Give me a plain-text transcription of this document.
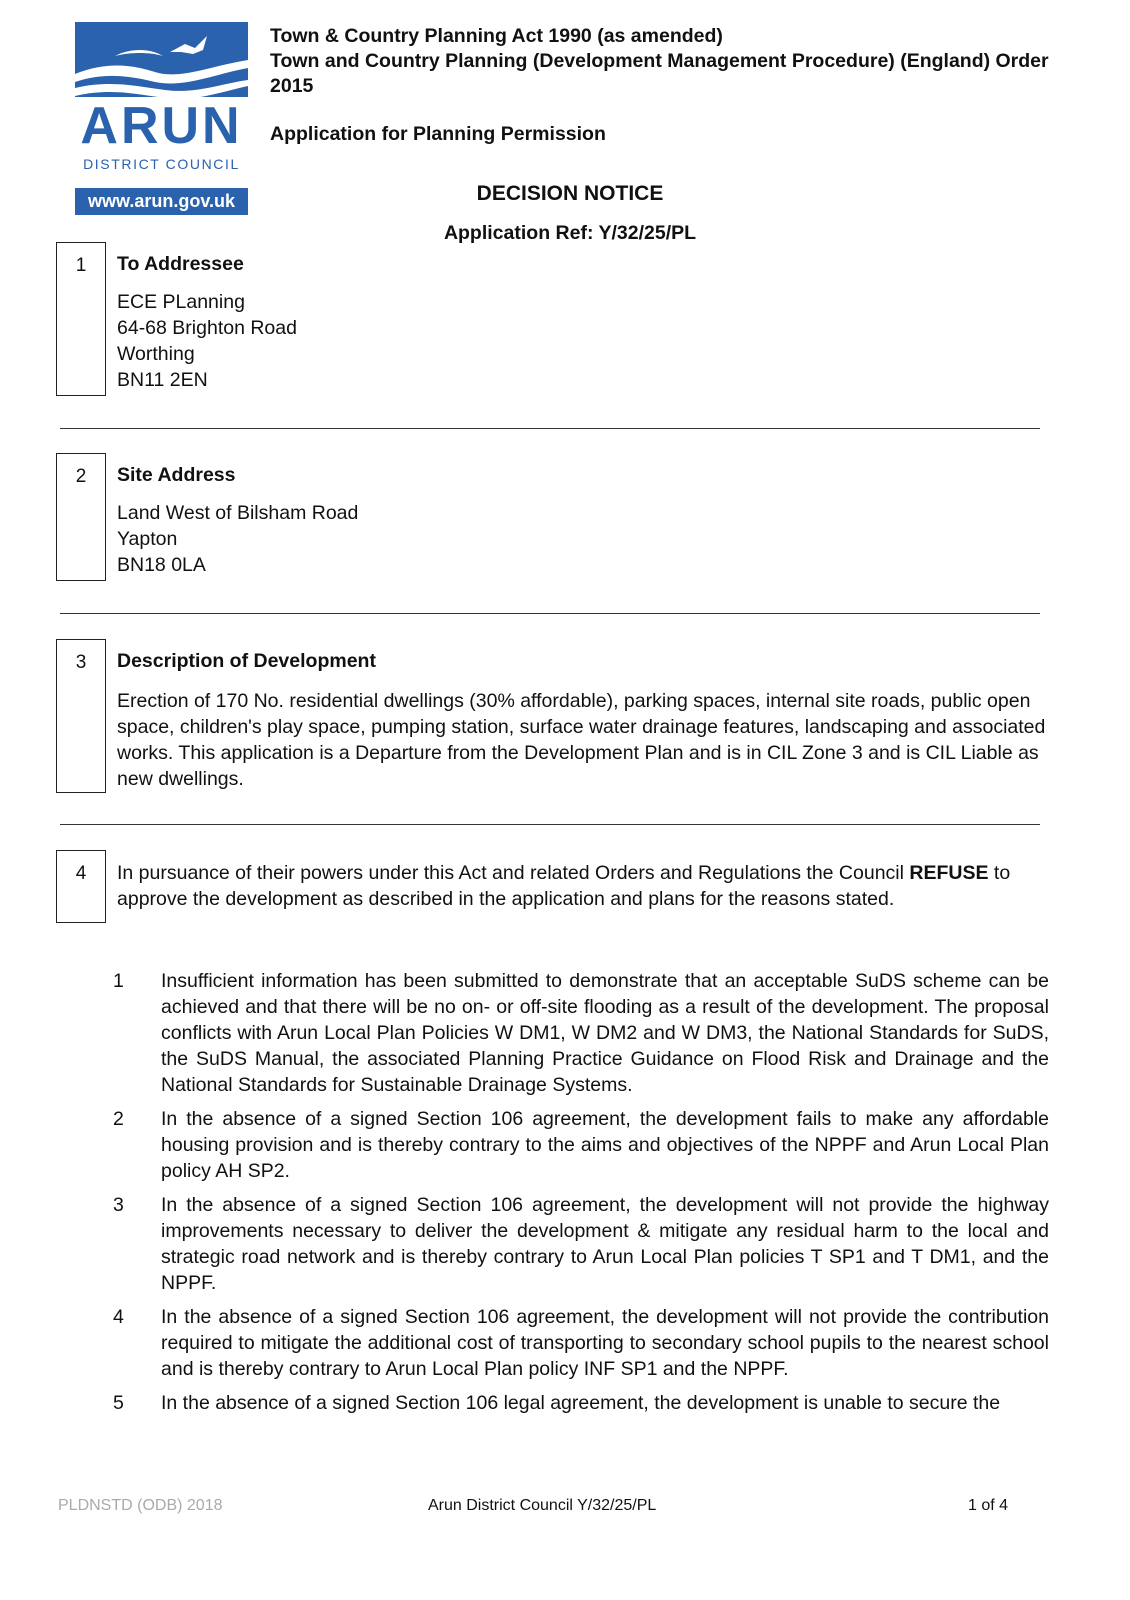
ARUN
DISTRICT COUNCIL
www.arun.gov.uk
Town & Country Planning Act 1990 (as amended)
Town and Country Planning (Development Management Procedure) (England) Order 2015
Application for Planning Permission
DECISION NOTICE
Application Ref: Y/32/25/PL
1	To Addressee
ECE PLanning
64-68 Brighton Road
Worthing
BN11 2EN
2	Site Address
Land West of Bilsham Road
Yapton
BN18 0LA
3	Description of Development
Erection of 170 No. residential dwellings (30% affordable), parking spaces, internal site roads, public open space, children's play space, pumping station, surface water drainage features, landscaping and associated works. This application is a Departure from the Development Plan and is in CIL Zone 3 and is CIL Liable as new dwellings.
4	In pursuance of their powers under this Act and related Orders and Regulations the Council REFUSE to approve the development as described in the application and plans for the reasons stated.
1 Insufficient information has been submitted to demonstrate that an acceptable SuDS scheme can be achieved and that there will be no on- or off-site flooding as a result of the development. The proposal conflicts with Arun Local Plan Policies W DM1, W DM2 and W DM3, the National Standards for SuDS, the SuDS Manual, the associated Planning Practice Guidance on Flood Risk and Drainage and the National Standards for Sustainable Drainage Systems.
2 In the absence of a signed Section 106 agreement, the development fails to make any affordable housing provision and is thereby contrary to the aims and objectives of the NPPF and Arun Local Plan policy AH SP2.
3 In the absence of a signed Section 106 agreement, the development will not provide the highway improvements necessary to deliver the development & mitigate any residual harm to the local and strategic road network and is thereby contrary to Arun Local Plan policies T SP1 and T DM1, and the NPPF.
4 In the absence of a signed Section 106 agreement, the development will not provide the contribution required to mitigate the additional cost of transporting to secondary school pupils to the nearest school and is thereby contrary to Arun Local Plan policy INF SP1 and the NPPF.
5 In the absence of a signed Section 106 legal agreement, the development is unable to secure the
PLDNSTD (ODB) 2018	Arun District Council Y/32/25/PL	1 of 4
